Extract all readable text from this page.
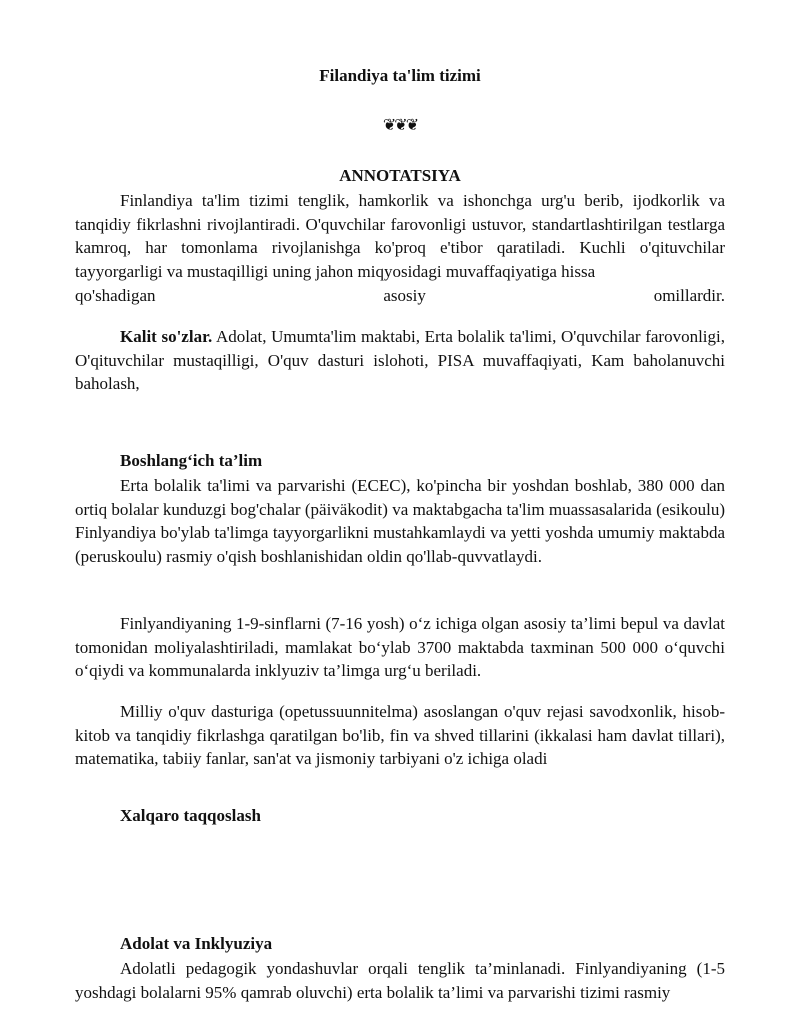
Filandiya ta'lim tizimi
❦❦❦
ANNOTATSIYA
Finlandiya ta'lim tizimi tenglik, hamkorlik va ishonchga urg'u berib, ijodkorlik va tanqidiy fikrlashni rivojlantiradi. O'quvchilar farovonligi ustuvor, standartlashtirilgan testlarga kamroq, har tomonlama rivojlanishga ko'proq e'tibor qaratiladi. Kuchli o'qituvchilar tayyorgarligi va mustaqilligi uning jahon miqyosidagi muvaffaqiyatiga hissa
qo'shadigan asosiy omillardir.
Kalit so'zlar. Adolat, Umumta'lim maktabi, Erta bolalik ta'limi, O'quvchilar farovonligi, O'qituvchilar mustaqilligi, O'quv dasturi islohoti, PISA muvaffaqiyati, Kam baholanuvchi baholash,
Boshlang‘ich ta’lim
Erta bolalik ta'limi va parvarishi (ECEC), ko'pincha bir yoshdan boshlab, 380 000 dan ortiq bolalar kunduzgi bog'chalar (päiväkodit) va maktabgacha ta'lim muassasalarida (esikoulu) Finlyandiya bo'ylab ta'limga tayyorgarlikni mustahkamlaydi va yetti yoshda umumiy maktabda (peruskoulu) rasmiy o'qish boshlanishidan oldin qo'llab-quvvatlaydi.
Finlyandiyaning 1-9-sinflarni (7-16 yosh) o‘z ichiga olgan asosiy ta’limi bepul va davlat tomonidan moliyalashtiriladi, mamlakat bo‘ylab 3700 maktabda taxminan 500 000 o‘quvchi o‘qiydi va kommunalarda inklyuziv ta’limga urg‘u beriladi.
Milliy o'quv dasturiga (opetussuunnitelma) asoslangan o'quv rejasi savodxonlik, hisob-kitob va tanqidiy fikrlashga qaratilgan bo'lib, fin va shved tillarini (ikkalasi ham davlat tillari), matematika, tabiiy fanlar, san'at va jismoniy tarbiyani o'z ichiga oladi
Xalqaro taqqoslash
Adolat va Inklyuziya
Adolatli pedagogik yondashuvlar orqali tenglik ta’minlanadi. Finlyandiyaning (1-5 yoshdagi bolalarni 95% qamrab oluvchi) erta bolalik ta’limi va parvarishi tizimi rasmiy
